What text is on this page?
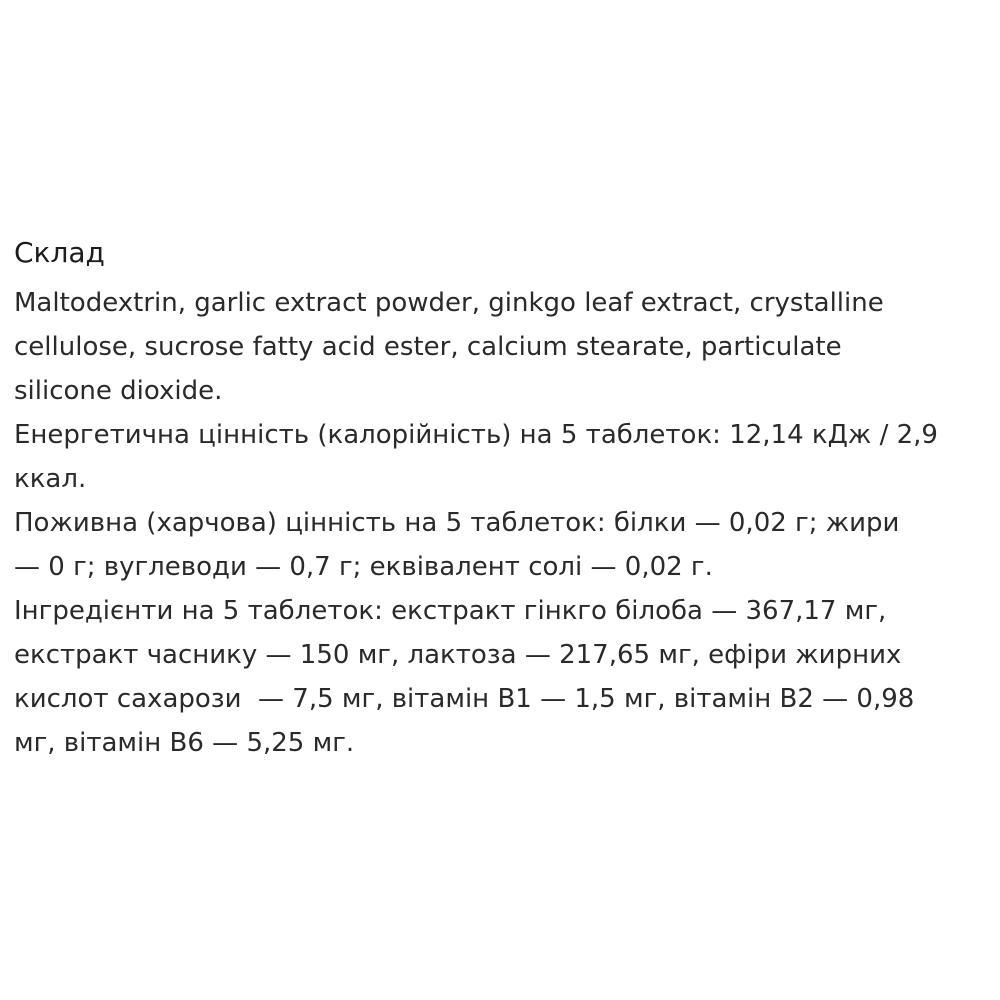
Склад
Maltodextrin, garlic extract powder, ginkgo leaf extract, crystalline
cellulose, sucrose fatty acid ester, calcium stearate, particulate
silicone dioxide.
Енергетична цінність (калорійність) на 5 таблеток: 12,14 кДж / 2,9
ккал.
Поживна (харчова) цінність на 5 таблеток: білки — 0,02 г; жири
— 0 г; вуглеводи — 0,7 г; еквівалент солі — 0,02 г.
Інгредієнти на 5 таблеток: екстракт гінкго білоба — 367,17 мг,
екстракт часнику — 150 мг, лактоза — 217,65 мг, ефіри жирних
кислот сахарози  — 7,5 мг, вітамін B1 — 1,5 мг, вітамін B2 — 0,98
мг, вітамін B6 — 5,25 мг.
